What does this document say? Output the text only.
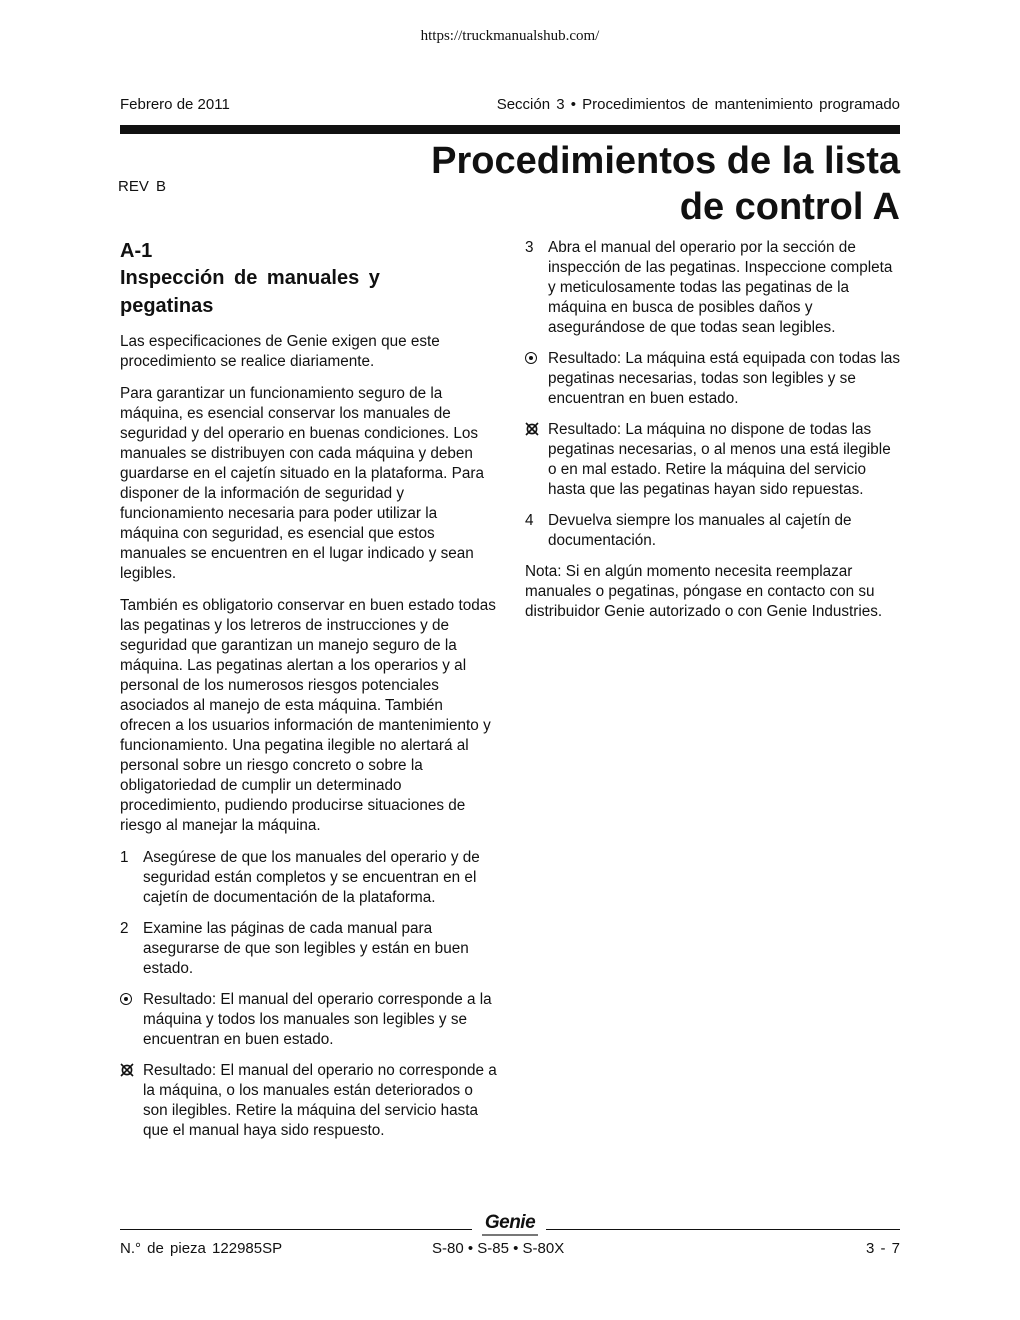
https://truckmanualshub.com/
Febrero de 2011	Sección 3 • Procedimientos de mantenimiento programado
REV B
Procedimientos de la lista
de control A
A-1
Inspección de manuales y
pegatinas

Las especificaciones de Genie exigen que este procedimiento se realice diariamente.

Para garantizar un funcionamiento seguro de la máquina, es esencial conservar los manuales de seguridad y del operario en buenas condiciones. Los manuales se distribuyen con cada máquina y deben guardarse en el cajetín situado en la plataforma. Para disponer de la información de seguridad y funcionamiento necesaria para poder utilizar la máquina con seguridad, es esencial que estos manuales se encuentren en el lugar indicado y sean legibles.

También es obligatorio conservar en buen estado todas las pegatinas y los letreros de instrucciones y de seguridad que garantizan un manejo seguro de la máquina. Las pegatinas alertan a los operarios y al personal de los numerosos riesgos potenciales asociados al manejo de esta máquina. También ofrecen a los usuarios información de mantenimiento y funcionamiento. Una pegatina ilegible no alertará al personal sobre un riesgo concreto o sobre la obligatoriedad de cumplir un determinado procedimiento, pudiendo producirse situaciones de riesgo al manejar la máquina.

1 Asegúrese de que los manuales del operario y de seguridad están completos y se encuentran en el cajetín de documentación de la plataforma.
2 Examine las páginas de cada manual para asegurarse de que son legibles y están en buen estado.
Resultado: El manual del operario corresponde a la máquina y todos los manuales son legibles y se encuentran en buen estado.
Resultado: El manual del operario no corresponde a la máquina, o los manuales están deteriorados o son ilegibles. Retire la máquina del servicio hasta que el manual haya sido respuesto.
3 Abra el manual del operario por la sección de inspección de las pegatinas. Inspeccione completa y meticulosamente todas las pegatinas de la máquina en busca de posibles daños y asegurándose de que todas sean legibles.
Resultado: La máquina está equipada con todas las pegatinas necesarias, todas son legibles y se encuentran en buen estado.
Resultado: La máquina no dispone de todas las pegatinas necesarias, o al menos una está ilegible o en mal estado. Retire la máquina del servicio hasta que las pegatinas hayan sido repuestas.
4 Devuelva siempre los manuales al cajetín de documentación.

Nota: Si en algún momento necesita reemplazar manuales o pegatinas, póngase en contacto con su distribuidor Genie autorizado o con Genie Industries.

Genie
N.° de pieza 122985SP	S-80 • S-85 • S-80X	3 - 7
